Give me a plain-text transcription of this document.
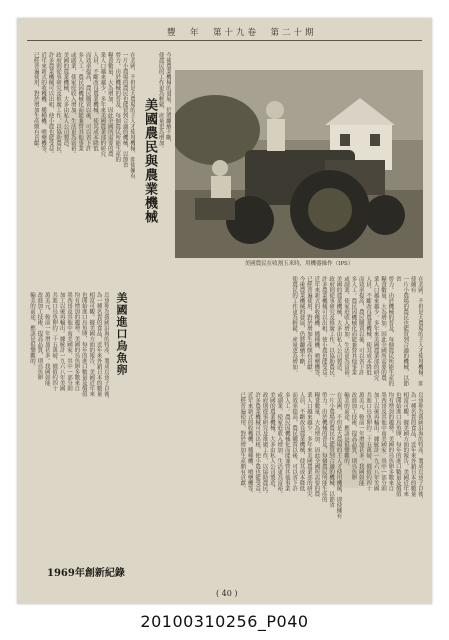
豐　年　第十九卷　第二十期
美國農民在收割玉米時，用機器操作（IPS）
美國農民與農業機械
在美國，不但是大農場的主人才使用機械，即使擁有
一片小農場的農民也能買到合適的機械，以節省
勞力。由於機械的普及，每個農民所能生產的
糧食數量，大為增加，因此全國所需要的農
業人口越來越少。多年來美國農業部的研究
人員，不斷改良農業機械，使其成本降低
而效率提高，農民購置以後，可以省下許
多人工。農民因機械化而能兼營其他事業
或副業，使家庭收入增加，生活更為富裕。
美國的農業機械，大多由私人公司製造，
政府則從事研究及推廣工作，以協助農民。
許多農業機械可以出租，使小農也能受益。
近年來新式的收穫機、播種機、噴藥機等，
已經普遍使用，對於增加生產頗有貢獻。	今後農業機械的發展，仍將繼續不斷，
使農民的工作更為輕鬆，產量更為增加。
在美國，不但是大農場的主人才使用機械，即使擁有
一片小農場的農民也能買到合適的機械，以節省
勞力。由於機械的普及，每個農民所能生產的
糧食數量，大為增加，因此全國所需要的農
業人口越來越少。多年來美國農業部的研究
人員，不斷改良農業機械，使其成本降低
而效率提高，農民購置以後，可以省下許
多人工。農民因機械化而能兼營其他事業
或副業，使家庭收入增加，生活更為富裕。
美國的農業機械，大多由私人公司製造，
政府則從事研究及推廣工作，以協助農民。
許多農業機械可以出租，使小農也能受益。
近年來新式的收穫機、播種機、噴藥機等，
已經普遍使用，對於增加生產頗有貢獻。
今後農業機械的發展，仍將繼續不斷，
使農民的工作更為輕鬆，產量更為增加。
美國進口烏魚卵
烏魚卵為我國沿海的特產，製成烏魚子以後，
為一種名貴的食品，近年來外銷日本的數量
相當可觀。據美國方面的報告，美國近年來
也開始進口烏魚卵，每年的進口數量及價值
均有增加的趨勢。美國的烏魚卵多數來自
墨西哥及其他中南美國家，其中一部分則
加工以後再輸出。據統計一九六八年美國
共進口烏魚卵約二十五萬磅，價值約四十
萬美元，較前一年增加甚多。我國如能
改進加工技術，提高品質，則烏魚卵
輸美的前途，應該是很樂觀的。
烏魚卵為我國沿海的特產，製成烏魚子以後，
為一種名貴的食品，近年來外銷日本的數量
相當可觀。據美國方面的報告，美國近年來
也開始進口烏魚卵，每年的進口數量及價值
均有增加的趨勢。美國的烏魚卵多數來自
墨西哥及其他中南美國家，其中一部分則
加工以後再輸出。據統計一九六八年美國
共進口烏魚卵約二十五萬磅，價值約四十
萬美元，較前一年增加甚多。我國如能
改進加工技術，提高品質，則烏魚卵
輸美的前途，應該是很樂觀的。
在美國，不但是大農場的主人才使用機械，即使擁有
一片小農場的農民也能買到合適的機械，以節省
勞力。由於機械的普及，每個農民所能生產的
糧食數量，大為增加，因此全國所需要的農
業人口越來越少。多年來美國農業部的研究
人員，不斷改良農業機械，使其成本降低
而效率提高，農民購置以後，可以省下許
多人工。農民因機械化而能兼營其他事業
或副業，使家庭收入增加，生活更為富裕。
美國的農業機械，大多由私人公司製造，
政府則從事研究及推廣工作，以協助農民。
許多農業機械可以出租，使小農也能受益。
近年來新式的收穫機、播種機、噴藥機等，
已經普遍使用，對於增加生產頗有貢獻。
1969年創新紀錄
( 40 )
20100310256_P040
